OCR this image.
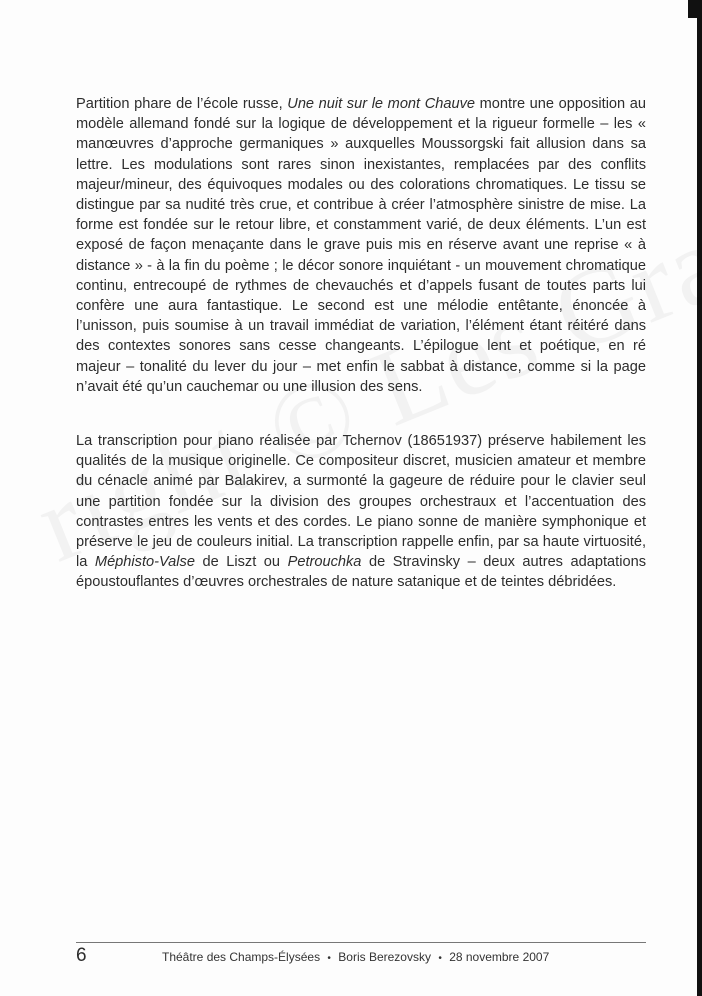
Partition phare de l’école russe, Une nuit sur le mont Chauve montre une opposition au modèle allemand fondé sur la logique de développement et la rigueur formelle – les « manœuvres d’approche germaniques » auxquelles Moussorgski fait allusion dans sa lettre. Les modulations sont rares sinon inexistantes, remplacées par des conflits majeur/mineur, des équivoques modales ou des colorations chromatiques. Le tissu se distingue par sa nudité très crue, et contribue à créer l’atmosphère sinistre de mise. La forme est fondée sur le retour libre, et constamment varié, de deux éléments. L’un est exposé de façon menaçante dans le grave puis mis en réserve avant une reprise « à distance » - à la fin du poème ; le décor sonore inquiétant - un mouvement chromatique continu, entrecoupé de rythmes de chevauchés et d’appels fusant de toutes parts lui confère une aura fantastique. Le second est une mélodie entêtante, énoncée à l’unisson, puis soumise à un travail immédiat de variation, l’élément étant réitéré dans des contextes sonores sans cesse changeants. L’épilogue lent et poétique, en ré majeur – tonalité du lever du jour – met enfin le sabbat à distance, comme si la page n’avait été qu’un cauchemar ou une illusion des sens.

La transcription pour piano réalisée par Tchernov (18651937) préserve habilement les qualités de la musique originelle. Ce compositeur discret, musicien amateur et membre du cénacle animé par Balakirev, a surmonté la gageure de réduire pour le clavier seul une partition fondée sur la division des groupes orchestraux et l’accentuation des contrastes entres les vents et des cordes. Le piano sonne de manière symphonique et préserve le jeu de couleurs initial. La transcription rappelle enfin, par sa haute virtuosité, la Méphisto-Valse de Liszt ou Petrouchka de Stravinsky – deux autres adaptations époustouflantes d’œuvres orchestrales de nature satanique et de teintes débridées.

6	Théâtre des Champs-Élysées • Boris Berezovsky • 28 novembre 2007
